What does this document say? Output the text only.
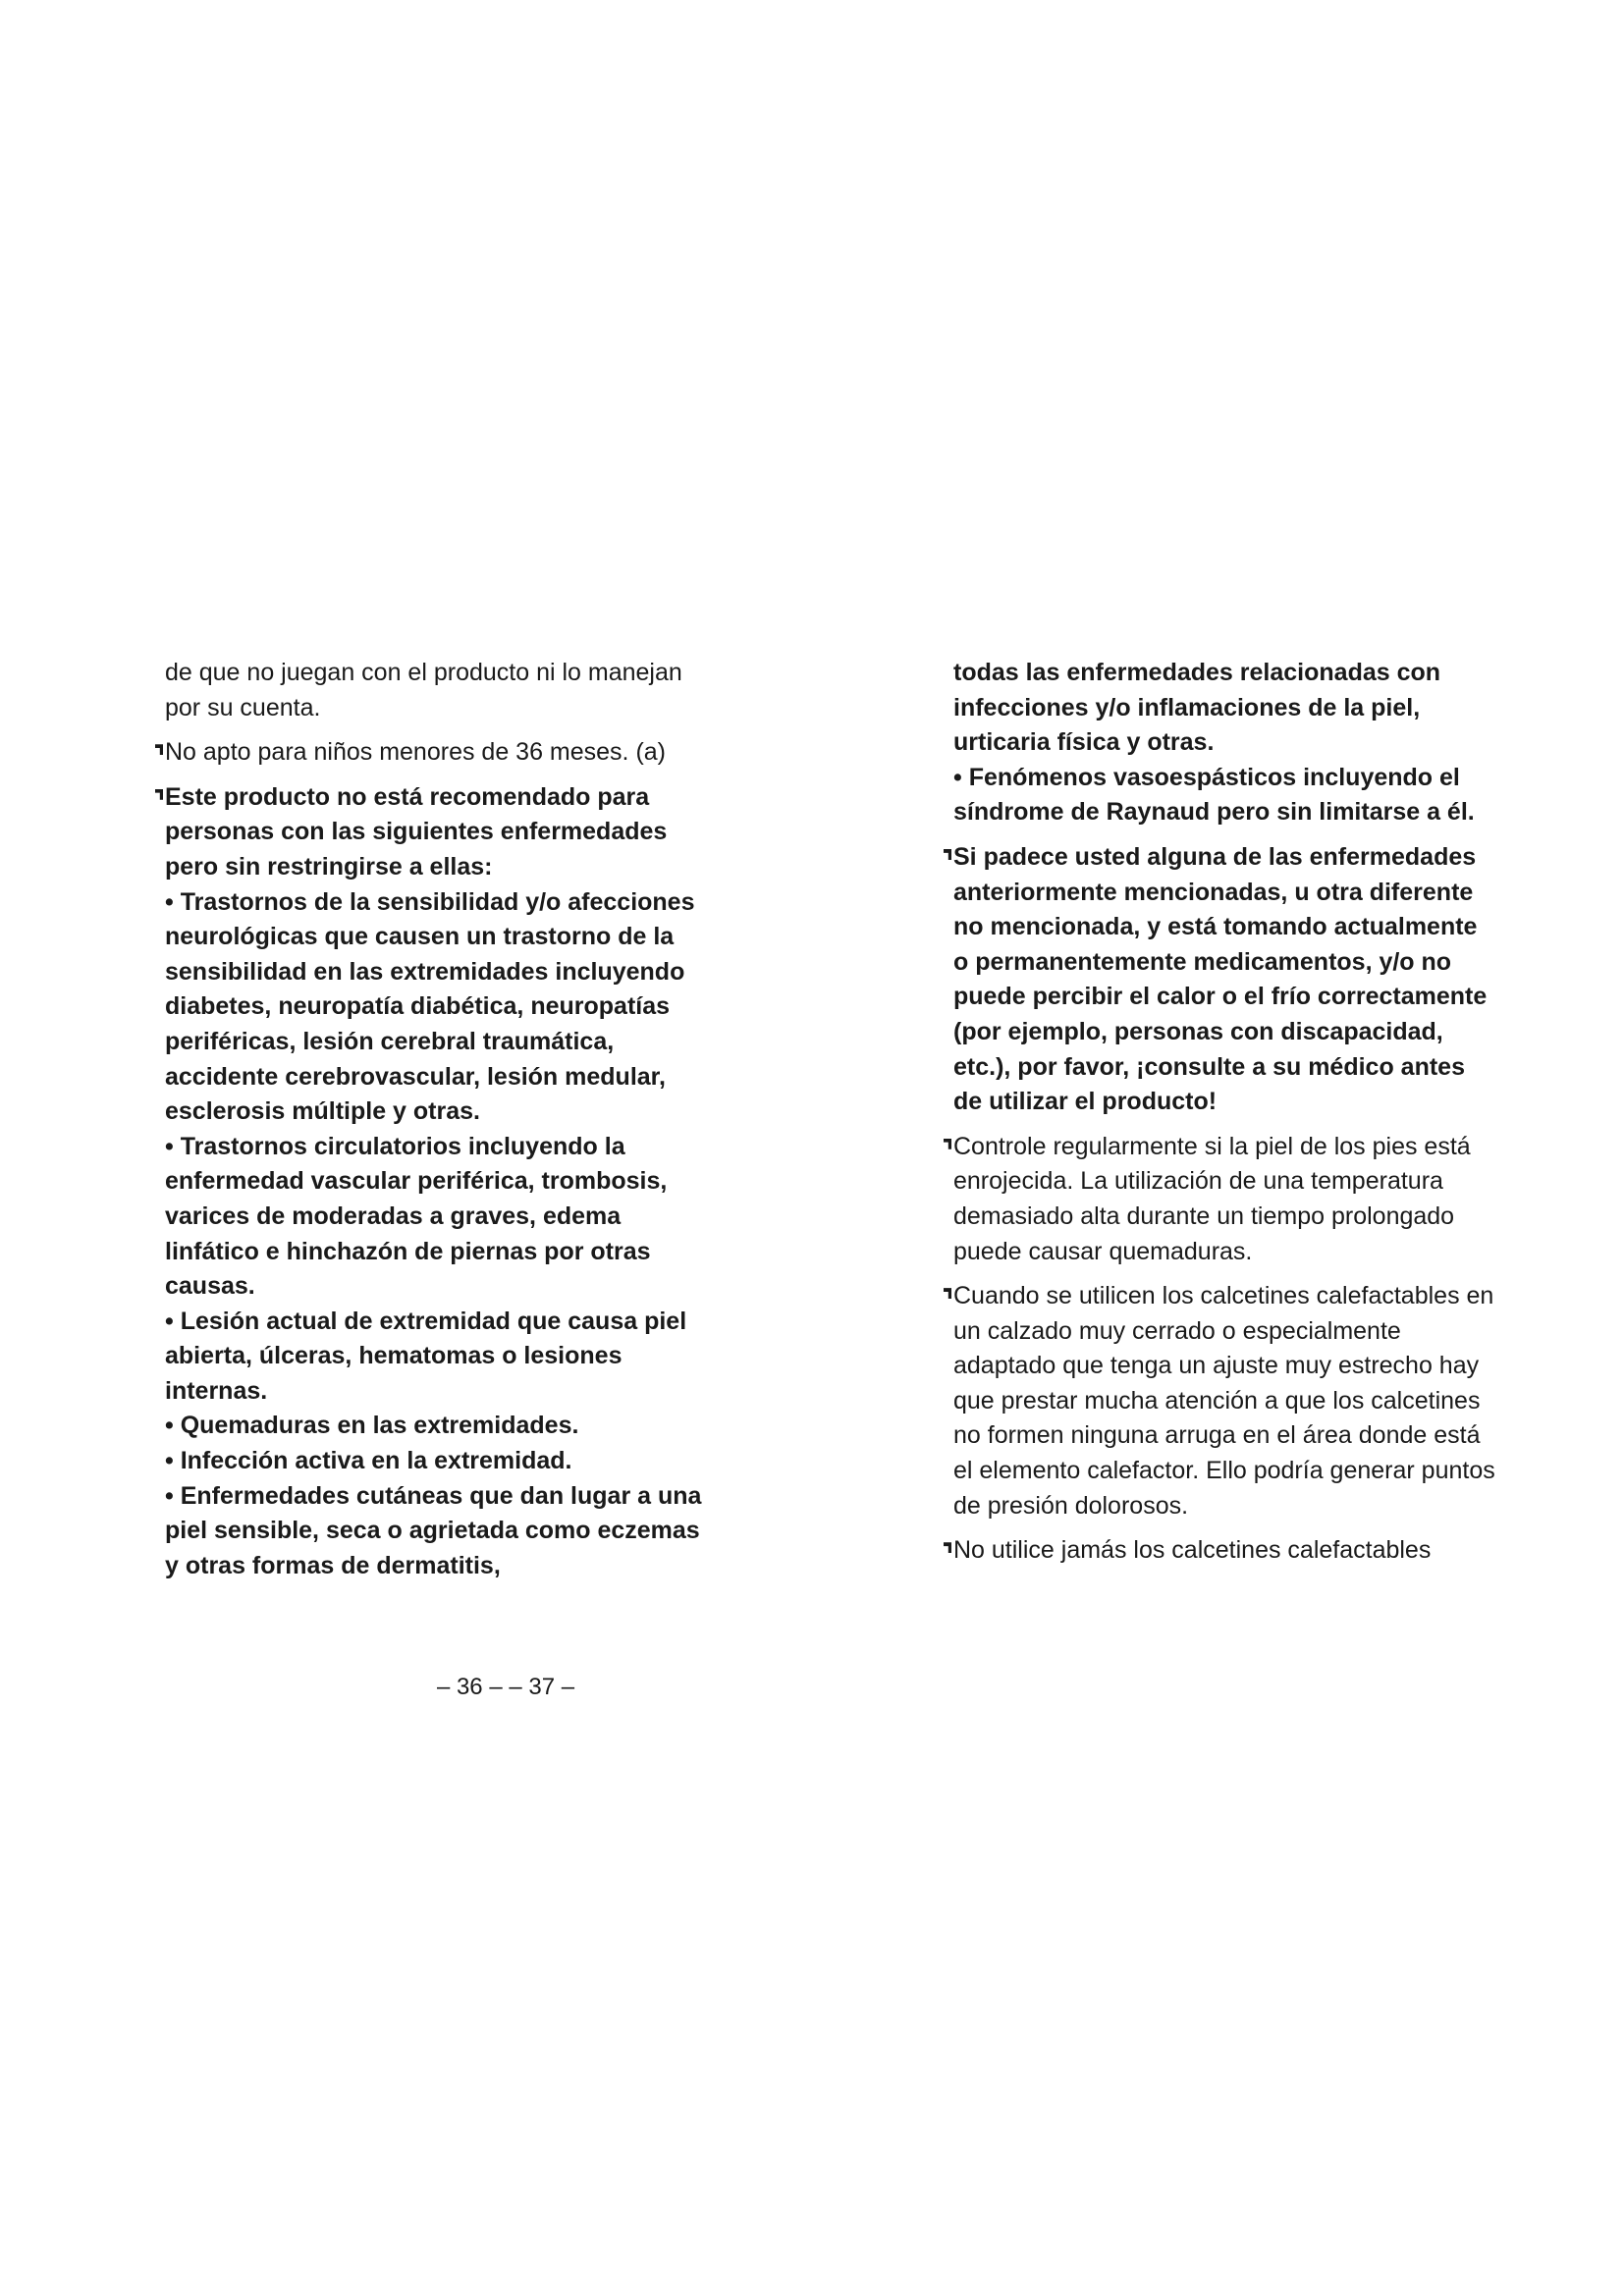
de que no juegan con el producto ni lo manejan por su cuenta.

No apto para niños menores de 36 meses. (a)

Este producto no está recomendado para personas con las siguientes enfermedades pero sin restringirse a ellas:
• Trastornos de la sensibilidad y/o afecciones neurológicas que causen un trastorno de la sensibilidad en las extremidades incluyendo diabetes, neuropatía diabética, neuropatías periféricas, lesión cerebral traumática, accidente cerebrovascular, lesión medular, esclerosis múltiple y otras.
• Trastornos circulatorios incluyendo la enfermedad vascular periférica, trombosis, varices de moderadas a graves, edema linfático e hinchazón de piernas por otras causas.
• Lesión actual de extremidad que causa piel abierta, úlceras, hematomas o lesiones internas.
• Quemaduras en las extremidades.
• Infección activa en la extremidad.
• Enfermedades cutáneas que dan lugar a una piel sensible, seca o agrietada como eczemas y otras formas de dermatitis,

todas las enfermedades relacionadas con infecciones y/o inflamaciones de la piel, urticaria física y otras.
• Fenómenos vasoespásticos incluyendo el síndrome de Raynaud pero sin limitarse a él.

Si padece usted alguna de las enfermedades anteriormente mencionadas, u otra diferente no mencionada, y está tomando actualmente o permanentemente medicamentos, y/o no puede percibir el calor o el frío correctamente (por ejemplo, personas con discapacidad, etc.), por favor, ¡consulte a su médico antes de utilizar el producto!

Controle regularmente si la piel de los pies está enrojecida. La utilización de una temperatura demasiado alta durante un tiempo prolongado puede causar quemaduras.

Cuando se utilicen los calcetines calefactables en un calzado muy cerrado o especialmente adaptado que tenga un ajuste muy estrecho hay que prestar mucha atención a que los calcetines no formen ninguna arruga en el área donde está el elemento calefactor. Ello podría generar puntos de presión dolorosos.

No utilice jamás los calcetines calefactables

– 36 – – 37 –
